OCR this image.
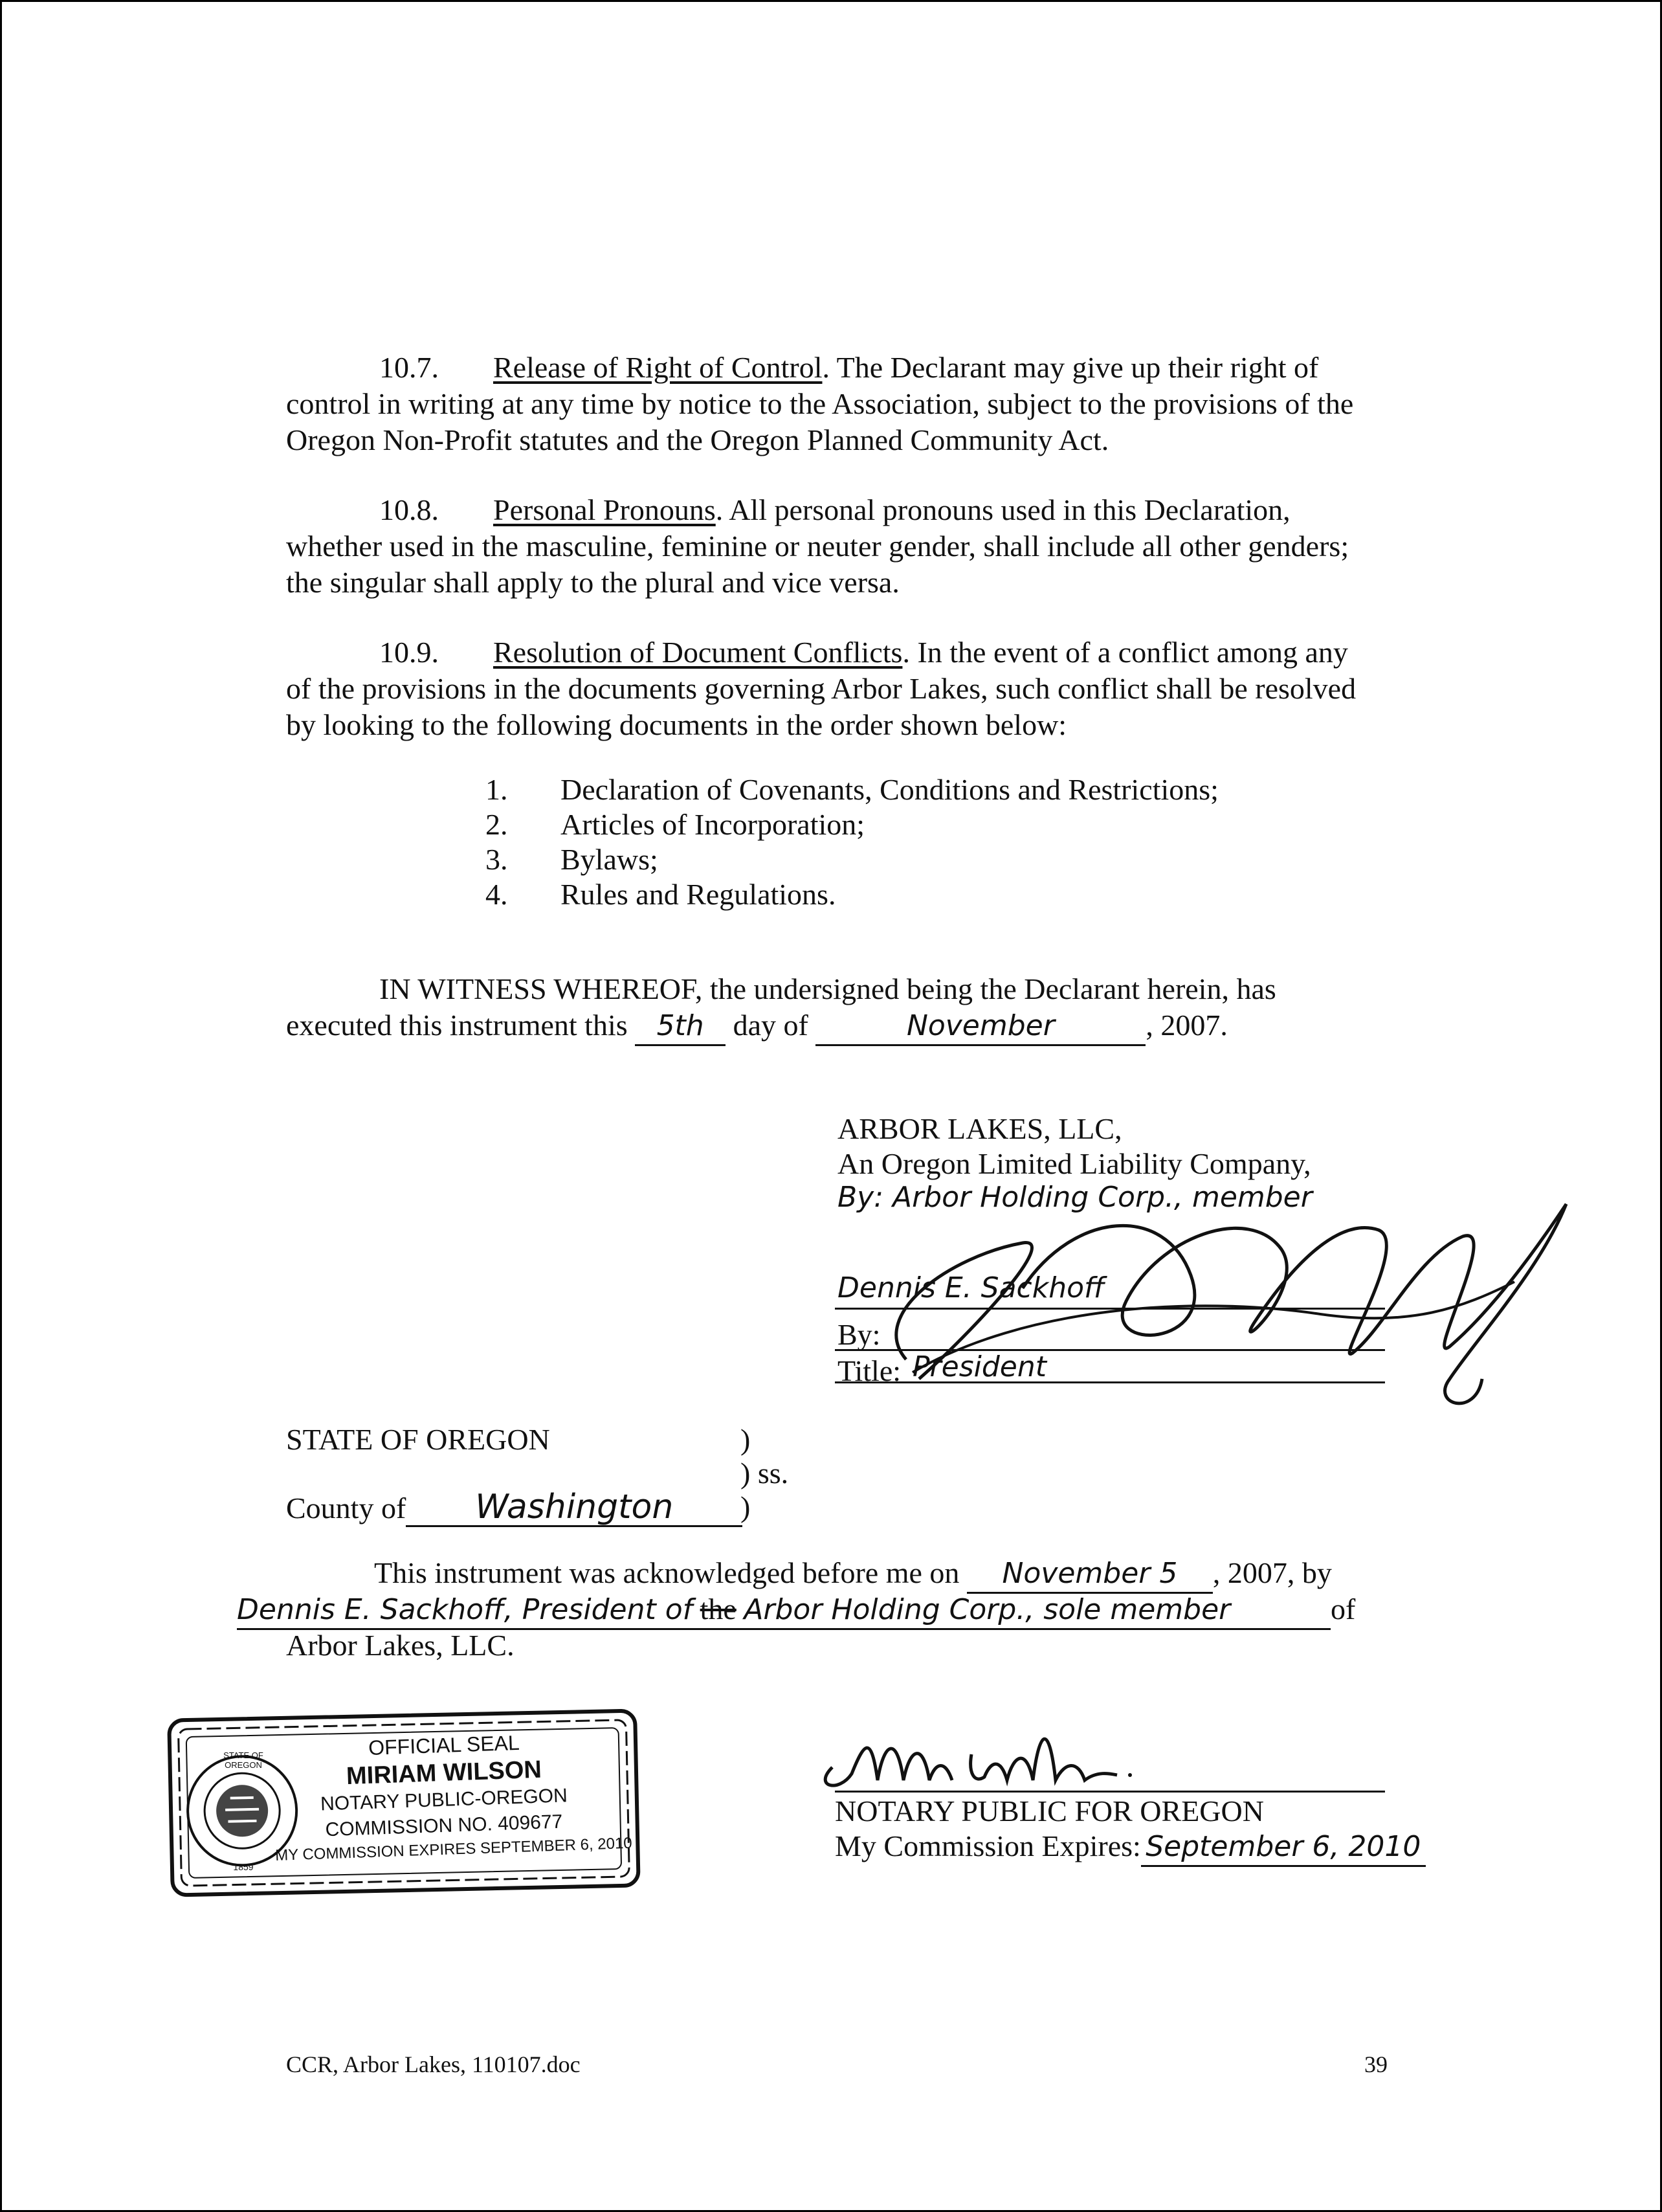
10.7. Release of Right of Control. The Declarant may give up their right of
control in writing at any time by notice to the Association, subject to the provisions of the
Oregon Non-Profit statutes and the Oregon Planned Community Act.
10.8. Personal Pronouns. All personal pronouns used in this Declaration,
whether used in the masculine, feminine or neuter gender, shall include all other genders;
the singular shall apply to the plural and vice versa.
10.9. Resolution of Document Conflicts. In the event of a conflict among any
of the provisions in the documents governing Arbor Lakes, such conflict shall be resolved
by looking to the following documents in the order shown below:
1. Declaration of Covenants, Conditions and Restrictions;
2. Articles of Incorporation;
3. Bylaws;
4. Rules and Regulations.
IN WITNESS WHEREOF, the undersigned being the Declarant herein, has
executed this instrument this 5th day of	November	, 2007.
ARBOR LAKES, LLC,
An Oregon Limited Liability Company,
By: Arbor Holding Corp., member
Dennis E. Sackhoff
By:
Title: President
STATE OF OREGON	)
) ss.
County of Washington	)
This instrument was acknowledged before me on November 5 , 2007, by
Dennis E. Sackhoff, President of the Arbor Holding Corp., sole member	of
Arbor Lakes, LLC.
OFFICIAL SEAL
MIRIAM WILSON
NOTARY PUBLIC-OREGON
COMMISSION NO. 409677
MY COMMISSION EXPIRES SEPTEMBER 6, 2010
STATE OF OREGON
1859
NOTARY PUBLIC FOR OREGON
My Commission Expires: September 6, 2010
CCR, Arbor Lakes, 110107.doc	39
